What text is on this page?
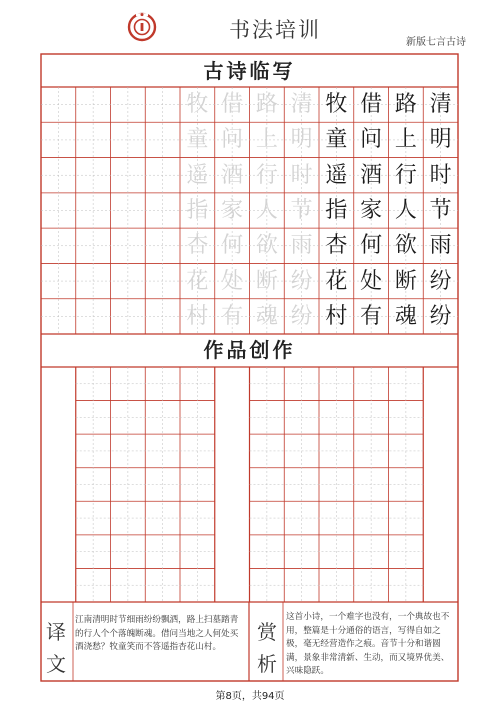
书法培训
新版七言古诗
古诗临写
作品创作
清
清
明
明
时
时
节
节
雨
雨
纷
纷
纷
纷
路
路
上
上
行
行
人
人
欲
欲
断
断
魂
魂
借
借
问
问
酒
酒
家
家
何
何
处
处
有
有
牧
牧
童
童
遥
遥
指
指
杏
杏
花
花
村
村
译
文
江南清明时节细雨纷纷飘洒，路上扫墓踏青的行人个个落魄断魂。借问当地之人何处买酒浇愁？牧童笑而不答遥指杏花山村。
赏
析
这首小诗，一个难字也没有，一个典故也不用，整篇是十分通俗的语言，写得自如之极，毫无经营造作之痕。音节十分和谐圆满，景象非常清新、生动，而又境界优美、兴味隐跃。
第8页，共94页
